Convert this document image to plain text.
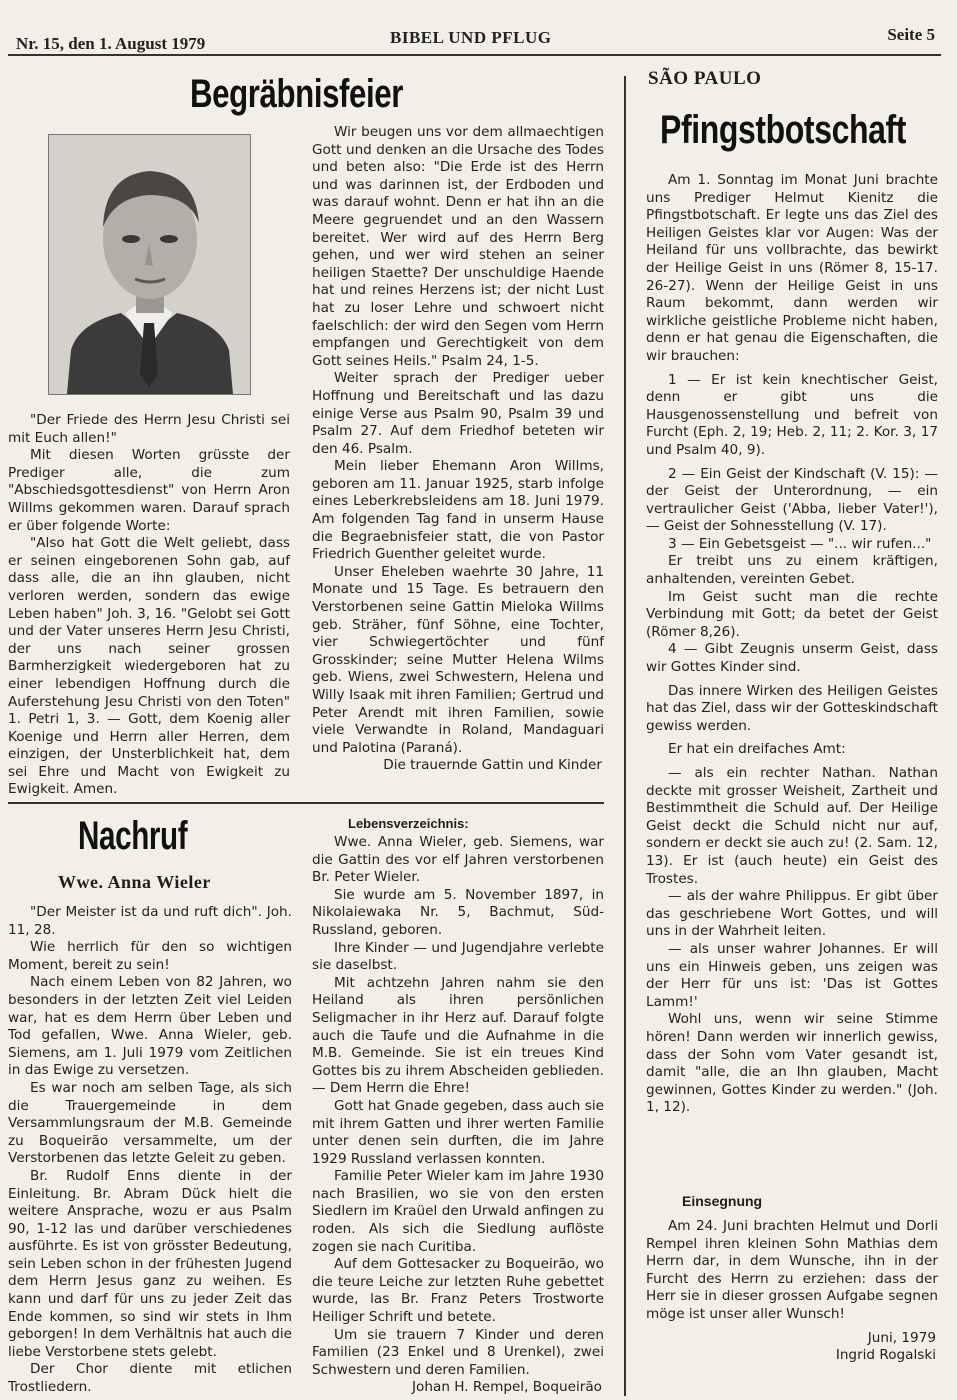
Nr. 15, den 1. August 1979	BIBEL UND PFLUG	Seite 5
Begräbnisfeier

"Der Friede des Herrn Jesu Christi sei mit Euch allen!"

Mit diesen Worten grüsste der Prediger alle, die zum "Abschiedsgottesdienst" von Herrn Aron Willms gekommen waren. Darauf sprach er über folgende Worte:

"Also hat Gott die Welt geliebt, dass er seinen eingeborenen Sohn gab, auf dass alle, die an ihn glauben, nicht verloren werden, sondern das ewige Leben haben" Joh. 3, 16. "Gelobt sei Gott und der Vater unseres Herrn Jesu Christi, der uns nach seiner grossen Barmherzigkeit wiedergeboren hat zu einer lebendigen Hoffnung durch die Auferstehung Jesu Christi von den Toten" 1. Petri 1, 3. — Gott, dem Koenig aller Koenige und Herrn aller Herren, dem einzigen, der Unsterblichkeit hat, dem sei Ehre und Macht von Ewigkeit zu Ewigkeit. Amen.

Wir beugen uns vor dem allmaechtigen Gott und denken an die Ursache des Todes und beten also: "Die Erde ist des Herrn und was darinnen ist, der Erdboden und was darauf wohnt. Denn er hat ihn an die Meere gegruendet und an den Wassern bereitet. Wer wird auf des Herrn Berg gehen, und wer wird stehen an seiner heiligen Staette? Der unschuldige Haende hat und reines Herzens ist; der nicht Lust hat zu loser Lehre und schwoert nicht faelschlich: der wird den Segen vom Herrn empfangen und Gerechtigkeit von dem Gott seines Heils." Psalm 24, 1-5.

Weiter sprach der Prediger ueber Hoffnung und Bereitschaft und las dazu einige Verse aus Psalm 90, Psalm 39 und Psalm 27. Auf dem Friedhof beteten wir den 46. Psalm.

Mein lieber Ehemann Aron Willms, geboren am 11. Januar 1925, starb infolge eines Leberkrebsleidens am 18. Juni 1979. Am folgenden Tag fand in unserm Hause die Begraebnisfeier statt, die von Pastor Friedrich Guenther geleitet wurde.

Unser Eheleben waehrte 30 Jahre, 11 Monate und 15 Tage. Es betrauern den Verstorbenen seine Gattin Mieloka Willms geb. Sträher, fünf Söhne, eine Tochter, vier Schwiegertöchter und fünf Grosskinder; seine Mutter Helena Wilms geb. Wiens, zwei Schwestern, Helena und Willy Isaak mit ihren Familien; Gertrud und Peter Arendt mit ihren Familien, sowie viele Verwandte in Roland, Mandaguari und Palotina (Paraná).

Die trauernde Gattin und Kinder

Nachruf
Wwe. Anna Wieler

"Der Meister ist da und ruft dich". Joh. 11, 28.

Wie herrlich für den so wichtigen Moment, bereit zu sein!

Nach einem Leben von 82 Jahren, wo besonders in der letzten Zeit viel Leiden war, hat es dem Herrn über Leben und Tod gefallen, Wwe. Anna Wieler, geb. Siemens, am 1. Juli 1979 vom Zeitlichen in das Ewige zu versetzen.

Es war noch am selben Tage, als sich die Trauergemeinde in dem Versammlungsraum der M.B. Gemeinde zu Boqueirão versammelte, um der Verstorbenen das letzte Geleit zu geben.

Br. Rudolf Enns diente in der Einleitung. Br. Abram Dück hielt die weitere Ansprache, wozu er aus Psalm 90, 1-12 las und darüber verschiedenes ausführte. Es ist von grösster Bedeutung, sein Leben schon in der frühesten Jugend dem Herrn Jesus ganz zu weihen. Es kann und darf für uns zu jeder Zeit das Ende kommen, so sind wir stets in Ihm geborgen! In dem Verhältnis hat auch die liebe Verstorbene stets gelebt.

Der Chor diente mit etlichen Trostliedern.

Lebensverzeichnis:

Wwe. Anna Wieler, geb. Siemens, war die Gattin des vor elf Jahren verstorbenen Br. Peter Wieler.

Sie wurde am 5. November 1897, in Nikolaiewaka Nr. 5, Bachmut, Süd-Russland, geboren.

Ihre Kinder — und Jugendjahre verlebte sie daselbst.

Mit achtzehn Jahren nahm sie den Heiland als ihren persönlichen Seligmacher in ihr Herz auf. Darauf folgte auch die Taufe und die Aufnahme in die M.B. Gemeinde. Sie ist ein treues Kind Gottes bis zu ihrem Abscheiden geblieden. — Dem Herrn die Ehre!

Gott hat Gnade gegeben, dass auch sie mit ihrem Gatten und ihrer werten Familie unter denen sein durften, die im Jahre 1929 Russland verlassen konnten.

Familie Peter Wieler kam im Jahre 1930 nach Brasilien, wo sie von den ersten Siedlern im Kraüel den Urwald anfingen zu roden. Als sich die Siedlung auflöste zogen sie nach Curitiba.

Auf dem Gottesacker zu Boqueirão, wo die teure Leiche zur letzten Ruhe gebettet wurde, las Br. Franz Peters Trostworte Heiliger Schrift und betete.

Um sie trauern 7 Kinder und deren Familien (23 Enkel und 8 Urenkel), zwei Schwestern und deren Familien.

Johan H. Rempel, Boqueirão

SÃO PAULO
Pfingstbotschaft

Am 1. Sonntag im Monat Juni brachte uns Prediger Helmut Kienitz die Pfingstbotschaft. Er legte uns das Ziel des Heiligen Geistes klar vor Augen: Was der Heiland für uns vollbrachte, das bewirkt der Heilige Geist in uns (Römer 8, 15-17. 26-27). Wenn der Heilige Geist in uns Raum bekommt, dann werden wir wirkliche geistliche Probleme nicht haben, denn er hat genau die Eigenschaften, die wir brauchen:

1 — Er ist kein knechtischer Geist, denn er gibt uns die Hausgenossenstellung und befreit von Furcht (Eph. 2, 19; Heb. 2, 11; 2. Kor. 3, 17 und Psalm 40, 9).

2 — Ein Geist der Kindschaft (V. 15): — der Geist der Unterordnung, — ein vertraulicher Geist ('Abba, lieber Vater!'), — Geist der Sohnesstellung (V. 17).

3 — Ein Gebetsgeist — "... wir rufen..."

Er treibt uns zu einem kräftigen, anhaltenden, vereinten Gebet.

Im Geist sucht man die rechte Verbindung mit Gott; da betet der Geist (Römer 8,26).

4 — Gibt Zeugnis unserm Geist, dass wir Gottes Kinder sind.

Das innere Wirken des Heiligen Geistes hat das Ziel, dass wir der Gotteskindschaft gewiss werden.

Er hat ein dreifaches Amt:

— als ein rechter Nathan. Nathan deckte mit grosser Weisheit, Zartheit und Bestimmtheit die Schuld auf. Der Heilige Geist deckt die Schuld nicht nur auf, sondern er deckt sie auch zu! (2. Sam. 12, 13). Er ist (auch heute) ein Geist des Trostes.

— als der wahre Philippus. Er gibt über das geschriebene Wort Gottes, und will uns in der Wahrheit leiten.

— als unser wahrer Johannes. Er will uns ein Hinweis geben, uns zeigen was der Herr für uns ist: 'Das ist Gottes Lamm!'

Wohl uns, wenn wir seine Stimme hören! Dann werden wir innerlich gewiss, dass der Sohn vom Vater gesandt ist, damit "alle, die an Ihn glauben, Macht gewinnen, Gottes Kinder zu werden." (Joh. 1, 12).

Einsegnung

Am 24. Juni brachten Helmut und Dorli Rempel ihren kleinen Sohn Mathias dem Herrn dar, in dem Wunsche, ihn in der Furcht des Herrn zu erziehen: dass der Herr sie in dieser grossen Aufgabe segnen möge ist unser aller Wunsch!

Juni, 1979

Ingrid Rogalski
